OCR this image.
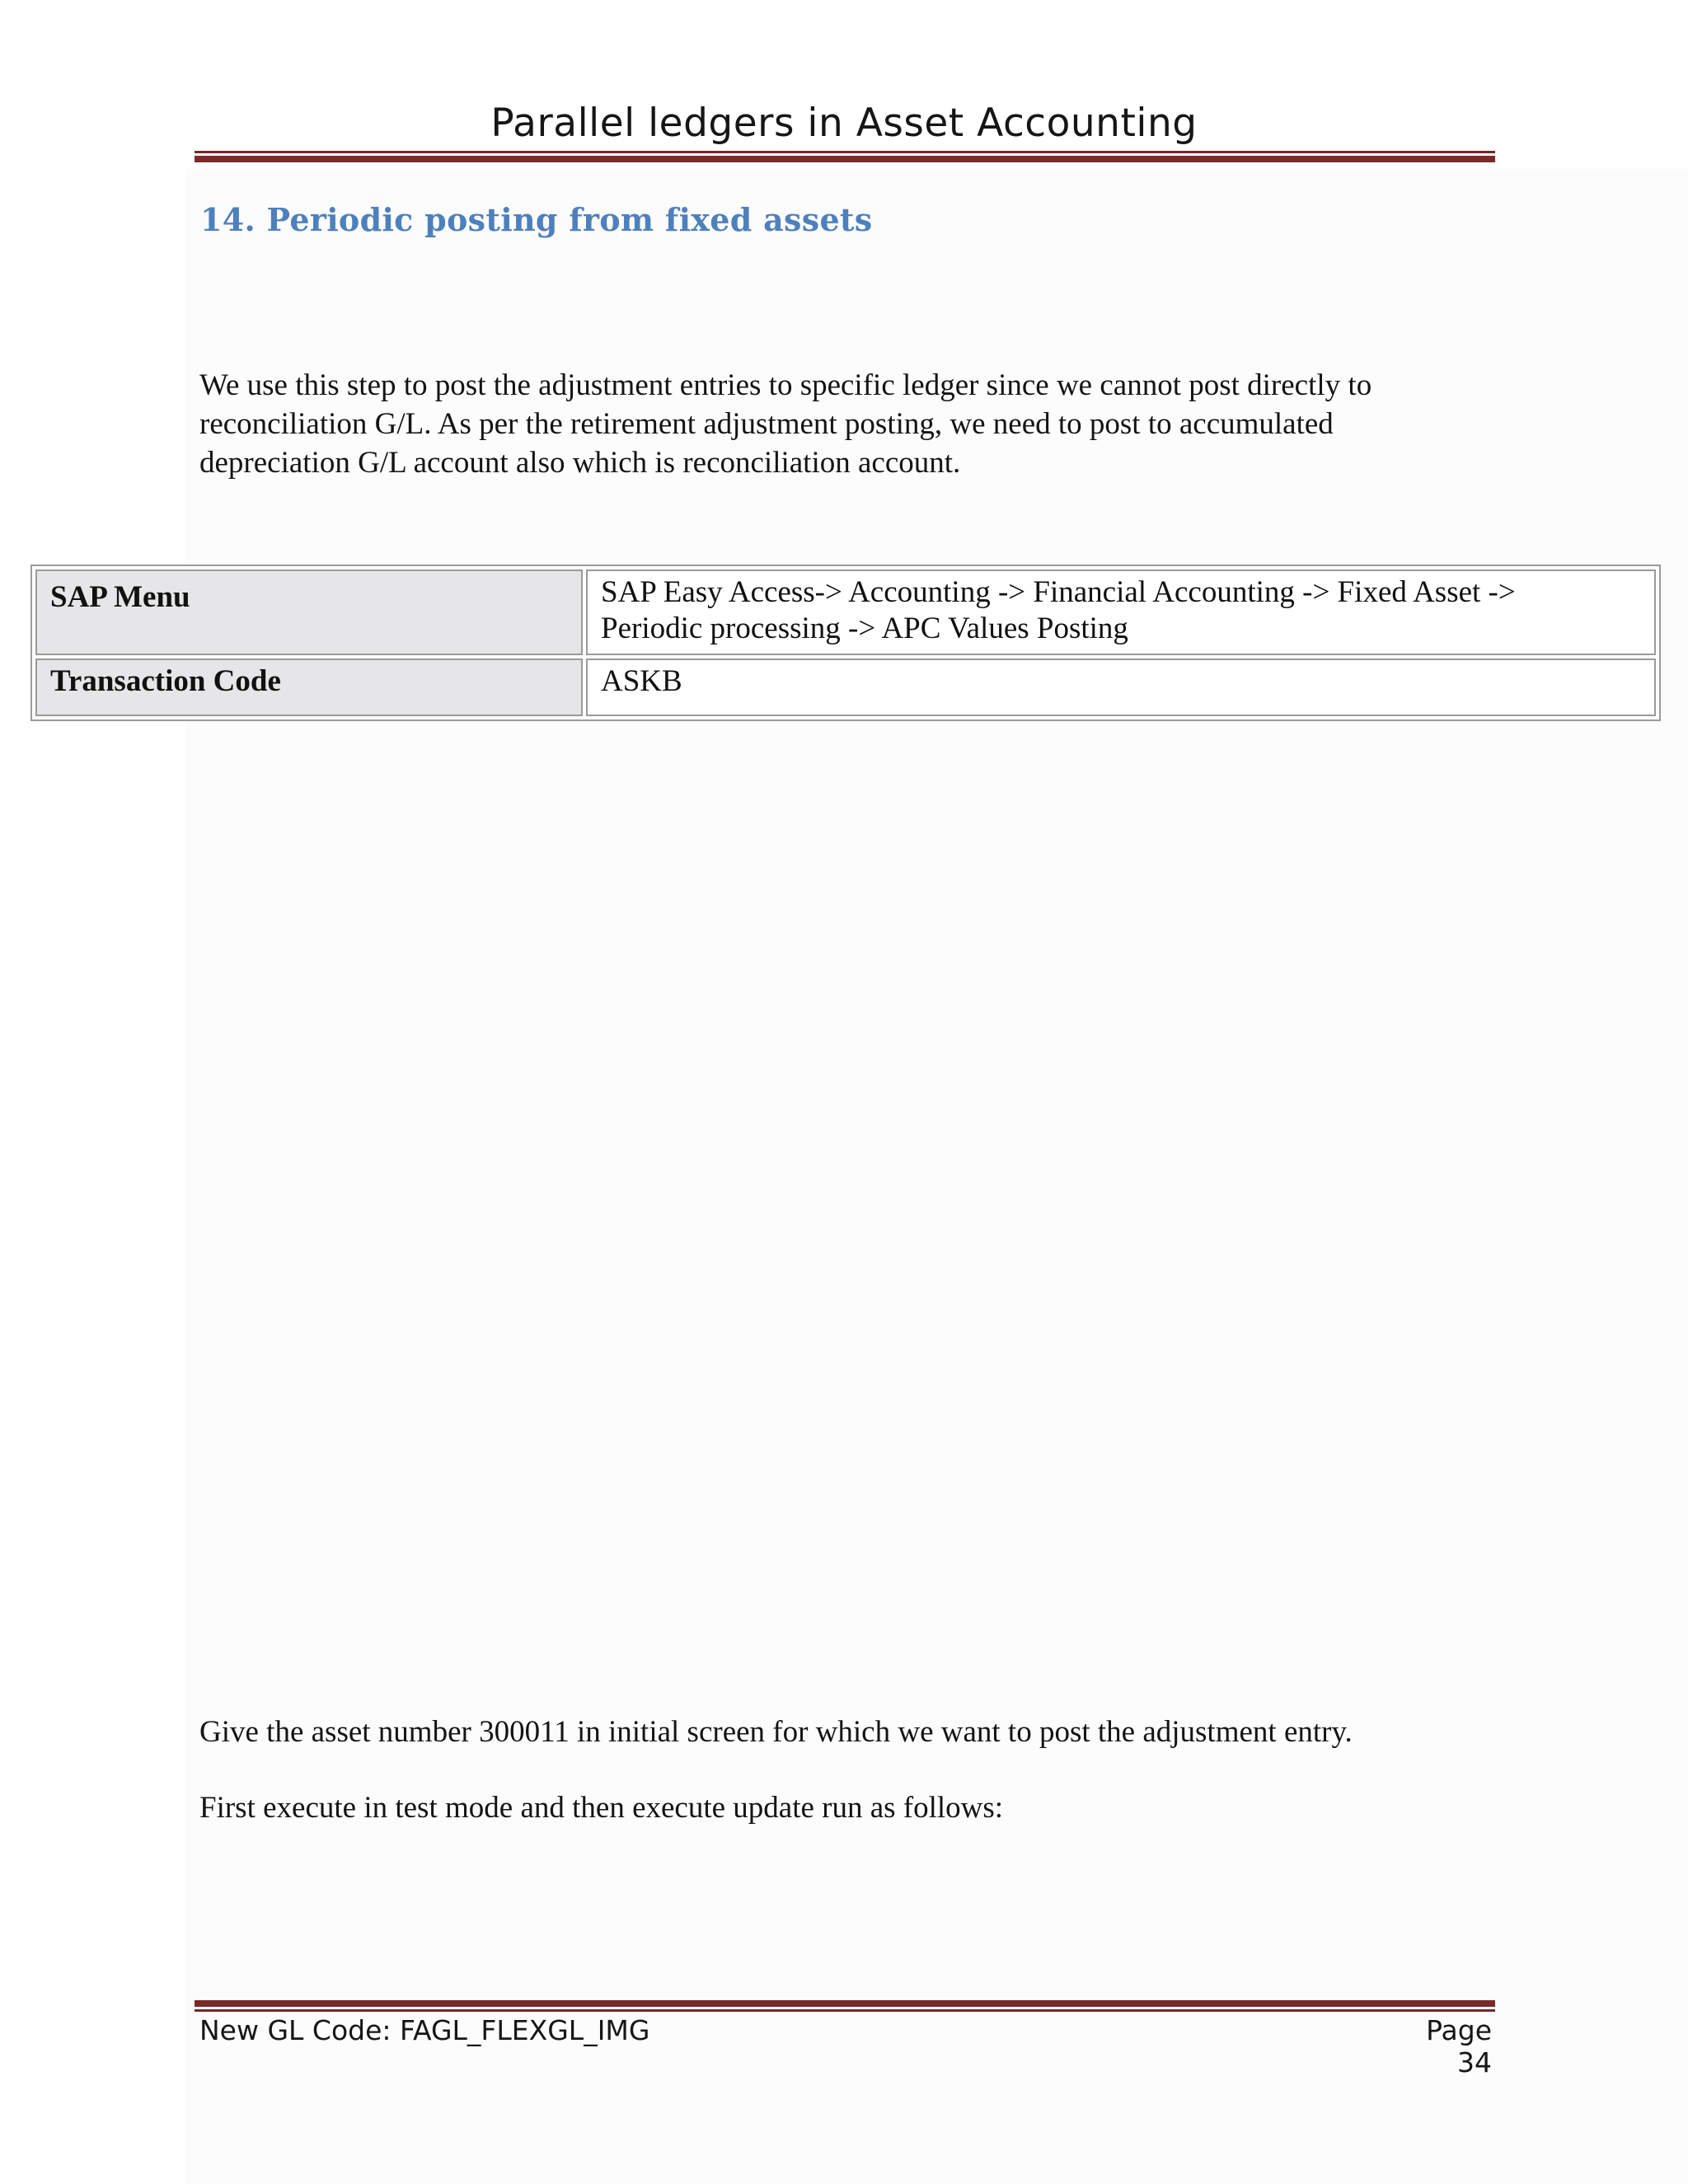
Parallel ledgers in Asset Accounting
14. Periodic posting from fixed assets
We use this step to post the adjustment entries to specific ledger since we cannot post directly to
reconciliation G/L. As per the retirement adjustment posting, we need to post to accumulated
depreciation G/L account also which is reconciliation account.
SAP Menu	SAP Easy Access-> Accounting -> Financial Accounting -> Fixed Asset ->
Periodic processing -> APC Values Posting

Transaction Code	ASKB
Give the asset number 300011 in initial screen for which we want to post the adjustment entry.
First execute in test mode and then execute update run as follows:
New GL Code: FAGL_FLEXGL_IMG	Page 34
